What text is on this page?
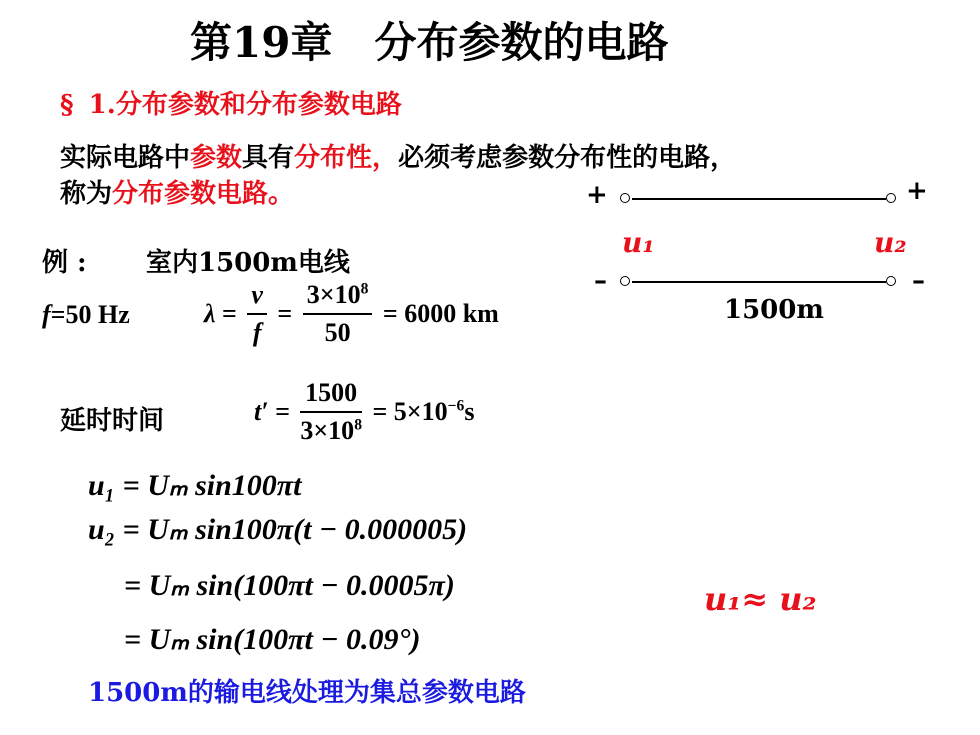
第19章　分布参数的电路
§ 1.分布参数和分布参数电路
实际电路中参数具有分布性，必须考虑参数分布性的电路，
称为分布参数电路。	+	+
u₁	u₂
–	–
1500m
例 : 室内1500m电线
f=50 Hz	$\lambda = \frac{v}{f} = \frac{3\times 10^8}{50} = 6000$ km
延时时间	$t' = \frac{1500}{3\times 10^8} = 5\times 10^{-6}s$
u₁ = Uₘ sin100πt
u₂ = Uₘ sin100π(t − 0.000005)
= Uₘ sin(100πt − 0.0005π)
= Uₘ sin(100πt − 0.09°)
u₁≈ u₂
1500m的输电线处理为集总参数电路
